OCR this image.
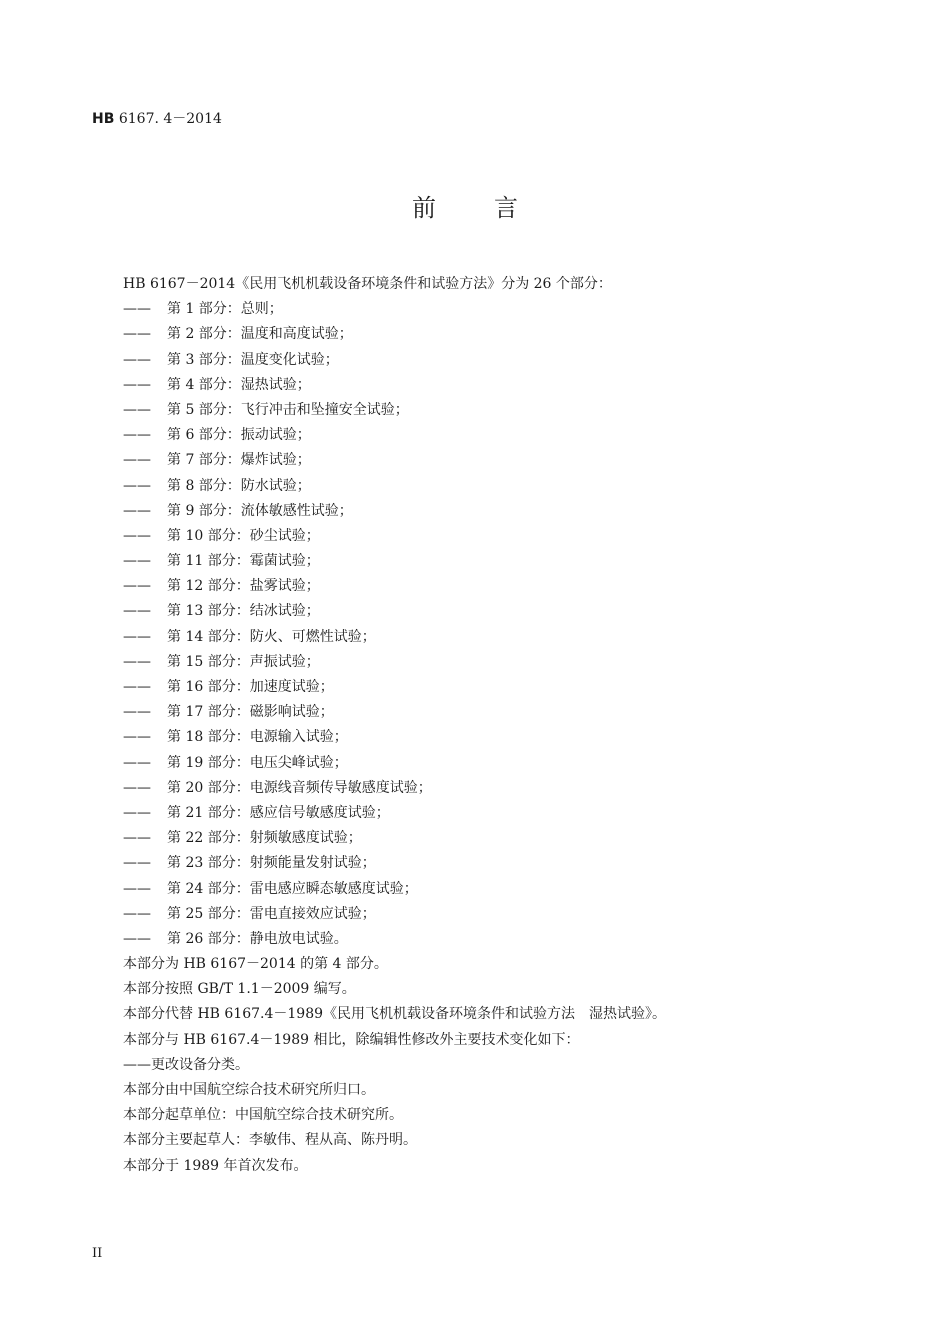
HB 6167. 4－2014
前言
HB 6167－2014《民用飞机机载设备环境条件和试验方法》分为 26 个部分：
—— 第 1 部分：总则；
—— 第 2 部分：温度和高度试验；
—— 第 3 部分：温度变化试验；
—— 第 4 部分：湿热试验；
—— 第 5 部分：飞行冲击和坠撞安全试验；
—— 第 6 部分：振动试验；
—— 第 7 部分：爆炸试验；
—— 第 8 部分：防水试验；
—— 第 9 部分：流体敏感性试验；
—— 第 10 部分：砂尘试验；
—— 第 11 部分：霉菌试验；
—— 第 12 部分：盐雾试验；
—— 第 13 部分：结冰试验；
—— 第 14 部分：防火、可燃性试验；
—— 第 15 部分：声振试验；
—— 第 16 部分：加速度试验；
—— 第 17 部分：磁影响试验；
—— 第 18 部分：电源输入试验；
—— 第 19 部分：电压尖峰试验；
—— 第 20 部分：电源线音频传导敏感度试验；
—— 第 21 部分：感应信号敏感度试验；
—— 第 22 部分：射频敏感度试验；
—— 第 23 部分：射频能量发射试验；
—— 第 24 部分：雷电感应瞬态敏感度试验；
—— 第 25 部分：雷电直接效应试验；
—— 第 26 部分：静电放电试验。
本部分为 HB 6167－2014 的第 4 部分。
本部分按照 GB/T 1.1－2009 编写。
本部分代替 HB 6167.4－1989《民用飞机机载设备环境条件和试验方法　湿热试验》。
本部分与 HB 6167.4－1989 相比，除编辑性修改外主要技术变化如下：
——更改设备分类。
本部分由中国航空综合技术研究所归口。
本部分起草单位：中国航空综合技术研究所。
本部分主要起草人：李敏伟、程从高、陈丹明。
本部分于 1989 年首次发布。
II
